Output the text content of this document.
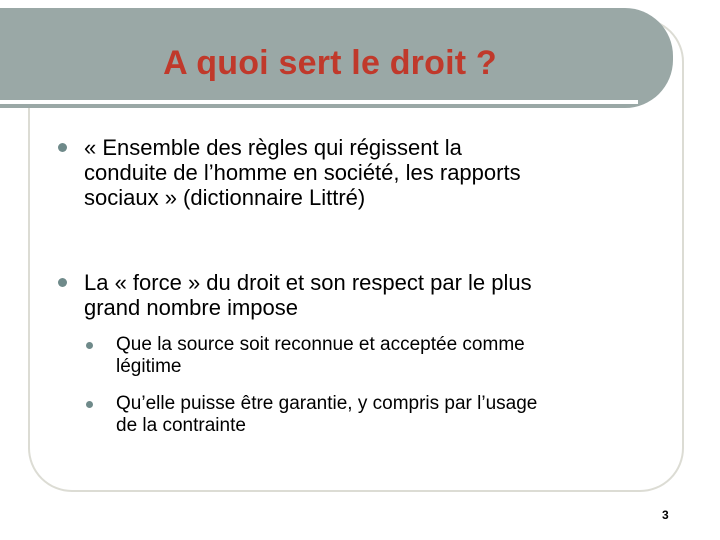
A quoi sert le droit ?
« Ensemble des règles qui régissent la
conduite de l’homme en société, les rapports
sociaux » (dictionnaire Littré)
La « force » du droit et son respect par le plus
grand nombre impose
Que la source soit reconnue et acceptée comme
légitime
Qu’elle puisse être garantie, y compris par l’usage
de la contrainte
3
